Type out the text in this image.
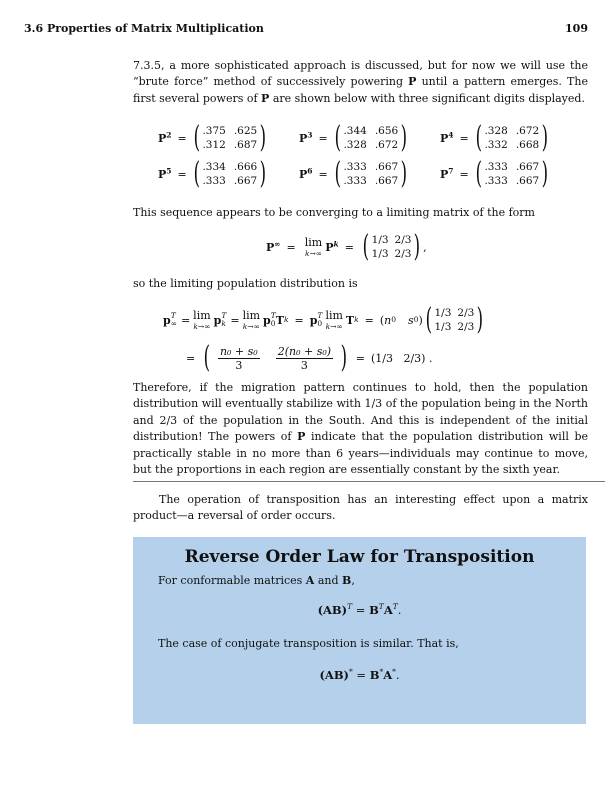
3.6 Properties of Matrix Multiplication	109
7.3.5, a more sophisticated approach is discussed, but for now we will use the “brute force” method of successively powering P until a pattern emerges. The first several powers of P are shown below with three significant digits displayed.
$P^2$ = ( .375 .625
.312 .687 )	$P^3$ = ( .344 .656
.328 .672 )	$P^4$ = ( .328 .672
.332 .668 )
$P^5$ = ( .334 .666
.333 .667 )	$P^6$ = ( .333 .667
.333 .667 )	$P^7$ = ( .333 .667
.333 .667 )
This sequence appears to be converging to a limiting matrix of the form
P∞ = lim
k→∞ $P^k$ = ( 1/3 2/3
1/3 2/3 ) ,
so the limiting population distribution is
p T
∞ = lim
k→∞ p T
k = lim
k→∞ p T
0 T k = p T
0
lim
k→∞ T k = ( n 0 s 0 ) ( 1/3 2/3
1/3 2/3 )
= ( $\frac{\text{n₀ + s₀}}{3} \frac{\text{2(n₀ + s₀)}}{3}$ ) = (1/3   2/3) .
Therefore, if the migration pattern continues to hold, then the population distribution will eventually stabilize with 1/3 of the population being in the North and 2/3 of the population in the South. And this is independent of the initial distribution! The powers of P indicate that the population distribution will be practically stable in no more than 6 years—individuals may continue to move, but the proportions in each region are essentially constant by the sixth year.
The operation of transposition has an interesting effect upon a matrix product—a reversal of order occurs.
Reverse Order Law for Transposition
For conformable matrices A and B,
$(AB)^T = B^TA^T$.
The case of conjugate transposition is similar. That is,
(AB)* = B*A*.
